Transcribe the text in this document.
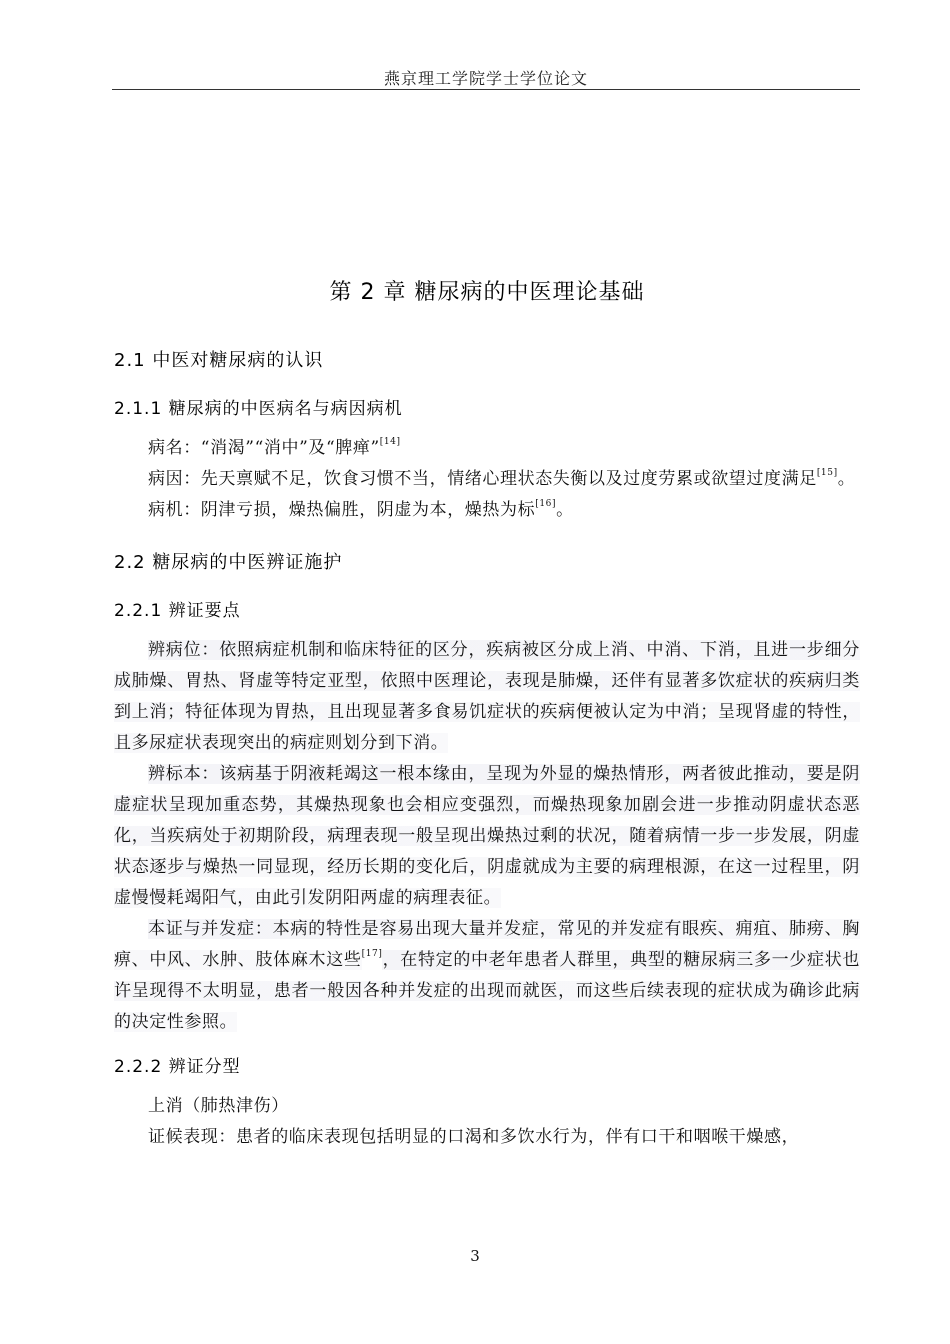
燕京理工学院学士学位论文
第 2 章 糖尿病的中医理论基础
2.1 中医对糖尿病的认识
2.1.1 糖尿病的中医病名与病因病机

病名：“消渴”“消中”及“脾瘅”[14]

病因：先天禀赋不足，饮食习惯不当，情绪心理状态失衡以及过度劳累或欲望过度满足[15]。

病机：阴津亏损，燥热偏胜，阴虚为本，燥热为标[16]。

2.2 糖尿病的中医辨证施护
2.2.1 辨证要点

辨病位：依照病症机制和临床特征的区分，疾病被区分成上消、中消、下消，且进一步细分成肺燥、胃热、肾虚等特定亚型，依照中医理论，表现是肺燥，还伴有显著多饮症状的疾病归类到上消；特征体现为胃热，且出现显著多食易饥症状的疾病便被认定为中消；呈现肾虚的特性，且多尿症状表现突出的病症则划分到下消。

辨标本：该病基于阴液耗竭这一根本缘由，呈现为外显的燥热情形，两者彼此推动，要是阴虚症状呈现加重态势，其燥热现象也会相应变强烈，而燥热现象加剧会进一步推动阴虚状态恶化，当疾病处于初期阶段，病理表现一般呈现出燥热过剩的状况，随着病情一步一步发展，阴虚状态逐步与燥热一同显现，经历长期的变化后，阴虚就成为主要的病理根源，在这一过程里，阴虚慢慢耗竭阳气，由此引发阴阳两虚的病理表征。

本证与并发症：本病的特性是容易出现大量并发症，常见的并发症有眼疾、痈疽、肺痨、胸痹、中风、水肿、肢体麻木这些[17]，在特定的中老年患者人群里，典型的糖尿病三多一少症状也许呈现得不太明显，患者一般因各种并发症的出现而就医，而这些后续表现的症状成为确诊此病的决定性参照。

2.2.2 辨证分型

上消（肺热津伤）

证候表现：患者的临床表现包括明显的口渴和多饮水行为，伴有口干和咽喉干燥感，

3
